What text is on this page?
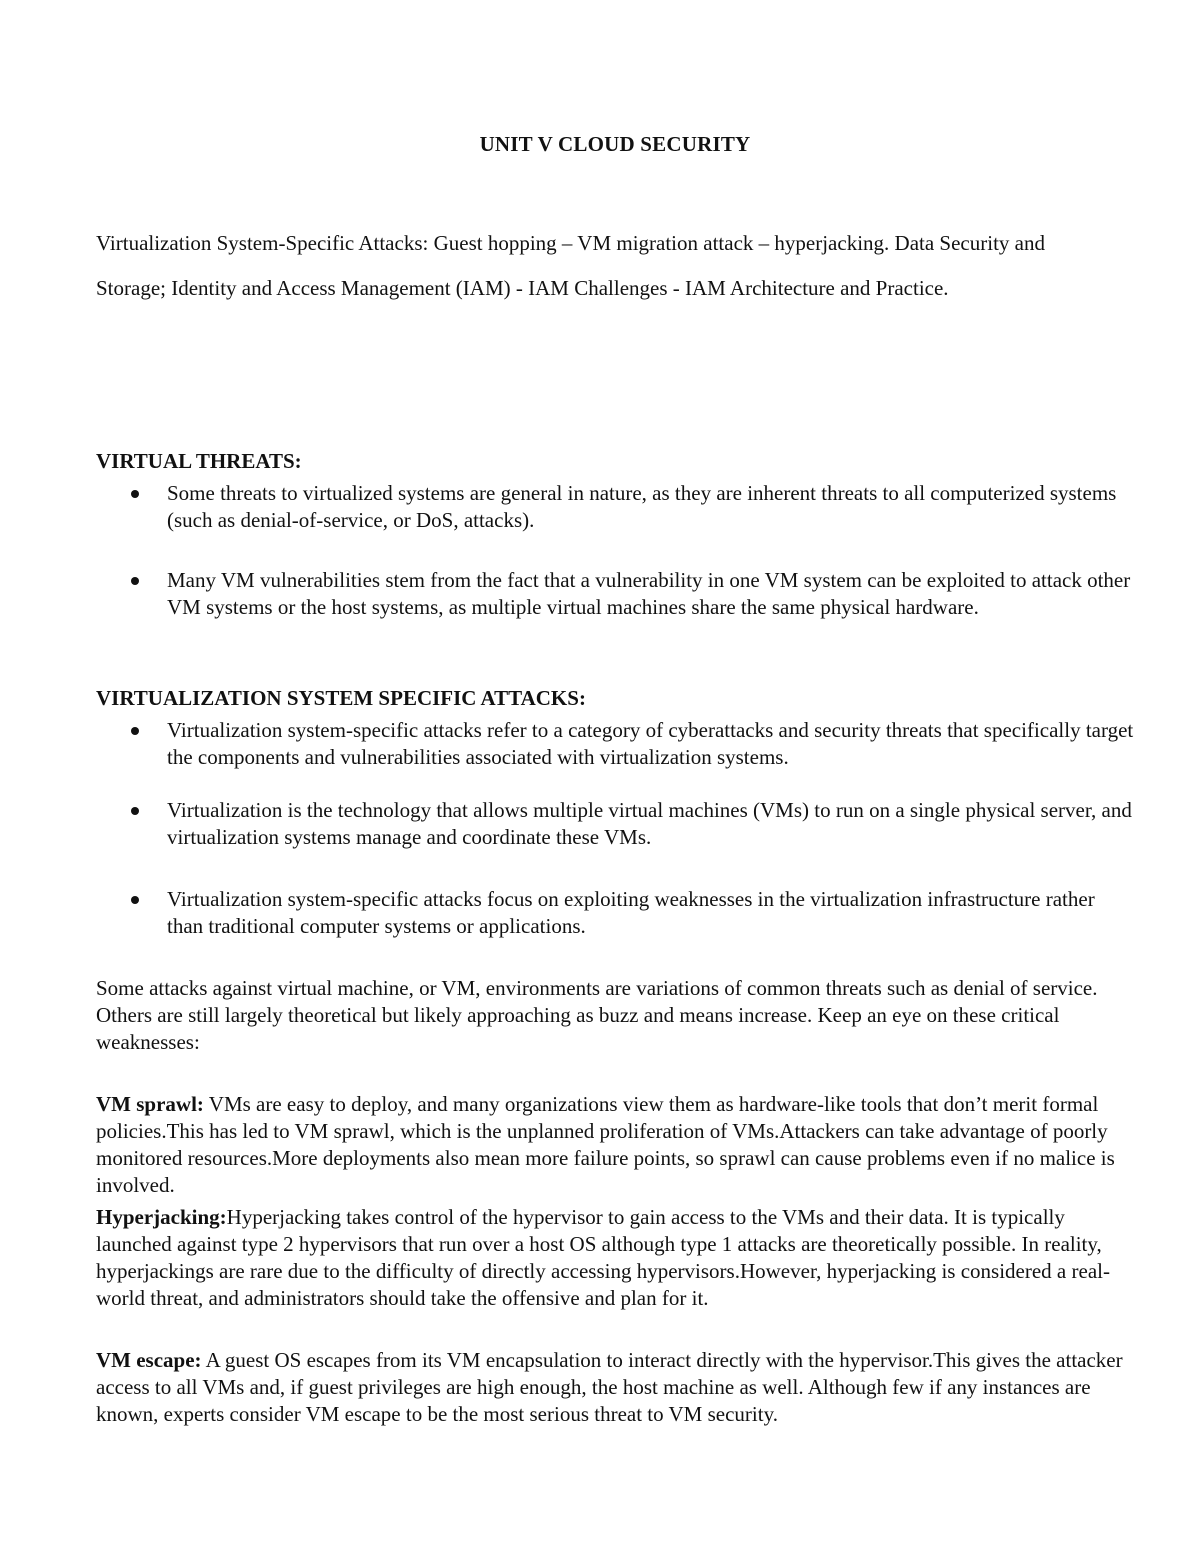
UNIT V CLOUD SECURITY
Virtualization System-Specific Attacks: Guest hopping – VM migration attack – hyperjacking. Data Security and Storage; Identity and Access Management (IAM) - IAM Challenges - IAM Architecture and Practice.
VIRTUAL THREATS:
Some threats to virtualized systems are general in nature, as they are inherent threats to all computerized systems (such as denial-of-service, or DoS, attacks).
Many VM vulnerabilities stem from the fact that a vulnerability in one VM system can be exploited to attack other VM systems or the host systems, as multiple virtual machines share the same physical hardware.
VIRTUALIZATION SYSTEM SPECIFIC ATTACKS:
Virtualization system-specific attacks refer to a category of cyberattacks and security threats that specifically target the components and vulnerabilities associated with virtualization systems.
Virtualization is the technology that allows multiple virtual machines (VMs) to run on a single physical server, and virtualization systems manage and coordinate these VMs.
Virtualization system-specific attacks focus on exploiting weaknesses in the virtualization infrastructure rather than traditional computer systems or applications.
Some attacks against virtual machine, or VM, environments are variations of common threats such as denial of service. Others are still largely theoretical but likely approaching as buzz and means increase. Keep an eye on these critical weaknesses:
VM sprawl: VMs are easy to deploy, and many organizations view them as hardware-like tools that don’t merit formal policies.This has led to VM sprawl, which is the unplanned proliferation of VMs.Attackers can take advantage of poorly monitored resources.More deployments also mean more failure points, so sprawl can cause problems even if no malice is involved.
Hyperjacking:Hyperjacking takes control of the hypervisor to gain access to the VMs and their data. It is typically launched against type 2 hypervisors that run over a host OS although type 1 attacks are theoretically possible. In reality, hyperjackings are rare due to the difficulty of directly accessing hypervisors.However, hyperjacking is considered a real-world threat, and administrators should take the offensive and plan for it.
VM escape: A guest OS escapes from its VM encapsulation to interact directly with the hypervisor.This gives the attacker access to all VMs and, if guest privileges are high enough, the host machine as well. Although few if any instances are known, experts consider VM escape to be the most serious threat to VM security.
